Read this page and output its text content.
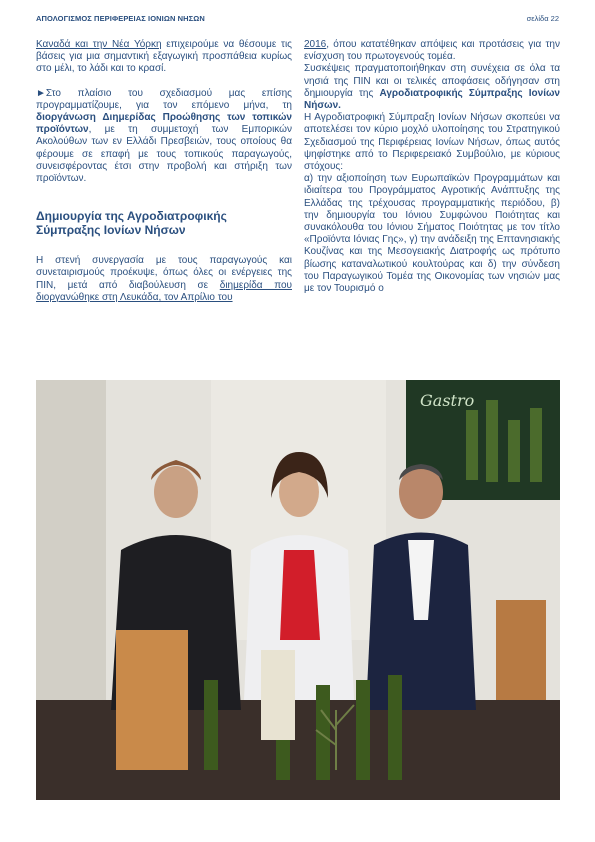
ΑΠΟΛΟΓΙΣΜΟΣ ΠΕΡΙΦΕΡΕΙΑΣ ΙΟΝΙΩΝ ΝΗΣΩΝ	σελίδα 22

Καναδά και την Νέα Υόρκη επιχειρούμε να θέσουμε τις βάσεις για μια σημαντική εξαγωγική προσπάθεια κυρίως στο μέλι, το λάδι και το κρασί.

►Στο πλαίσιο του σχεδιασμού μας επίσης προγραμματίζουμε, για τον επόμενο μήνα, τη διοργάνωση Διημερίδας Προώθησης των τοπικών προϊόντων, με τη συμμετοχή των Εμπορικών Ακολούθων των εν Ελλάδι Πρεσβειών, τους οποίους θα φέρουμε σε επαφή με τους τοπικούς παραγωγούς, συνεισφέροντας έτσι στην προβολή και στήριξη των προϊόντων.

Δημιουργία της Αγροδιατροφικής Σύμπραξης Ιονίων Νήσων

Η στενή συνεργασία με τους παραγωγούς και συνεταιρισμούς προέκυψε, όπως όλες οι ενέργειες της ΠΙΝ, μετά από διαβούλευση σε διημερίδα που διοργανώθηκε στη Λευκάδα, τον Απρίλιο του

2016, όπου κατατέθηκαν απόψεις και προτάσεις για την ενίσχυση του πρωτογενούς τομέα.

Συσκέψεις πραγματοποιήθηκαν στη συνέχεια σε όλα τα νησιά της ΠΙΝ και οι τελικές αποφάσεις οδήγησαν στη δημιουργία της Αγροδιατροφικής Σύμπραξης Ιονίων Νήσων.

Η Αγροδιατροφική Σύμπραξη Ιονίων Νήσων σκοπεύει να αποτελέσει τον κύριο μοχλό υλοποίησης του Στρατηγικού Σχεδιασμού της Περιφέρειας Ιονίων Νήσων, όπως αυτός ψηφίστηκε από το Περιφερειακό Συμβούλιο, με κύριους στόχους:

α) την αξιοποίηση των Ευρωπαϊκών Προγραμμάτων και ιδιαίτερα του Προγράμματος Αγροτικής Ανάπτυξης της Ελλάδας της τρέχουσας προγραμματικής περιόδου, β) την δημιουργία του Ιόνιου Συμφώνου Ποιότητας και συνακόλουθα του Ιόνιου Σήματος Ποιότητας με τον τίτλο «Προϊόντα Ιόνιας Γης», γ) την ανάδειξη της Επτανησιακής Κουζίνας και της Μεσογειακής Διατροφής ως πρότυπο βίωσης καταναλωτικού κουλτούρας και δ) την σύνδεση του Παραγωγικού Τομέα της Οικονομίας των νησιών μας με τον Τουρισμό ο

Gastro
